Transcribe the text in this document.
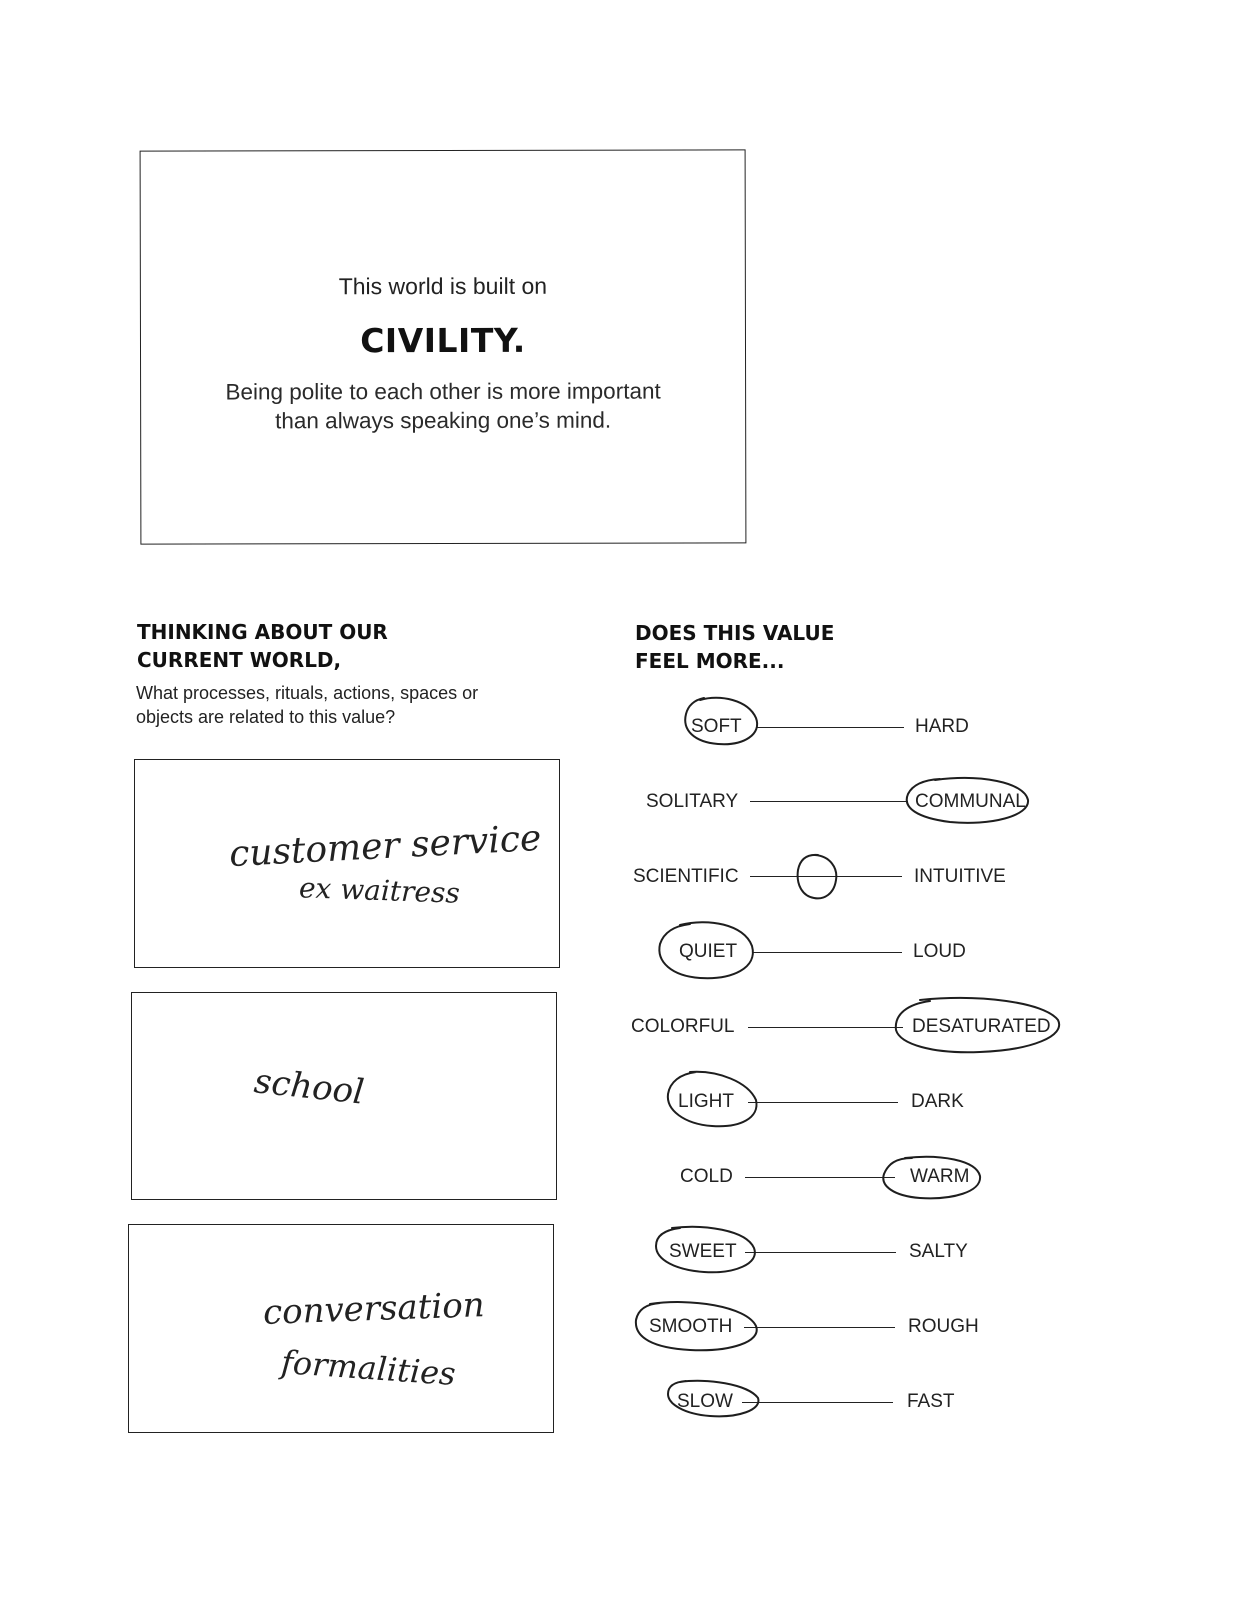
This world is built on
CIVILITY.
Being polite to each other is more important
than always speaking one’s mind.
THINKING ABOUT OUR
CURRENT WORLD,
What processes, rituals, actions, spaces or
objects are related to this value?
customer service
ex waitress
school
conversation
formalities
DOES THIS VALUE
FEEL MORE...
SOFT	HARD
SOLITARY	COMMUNAL
SCIENTIFIC	INTUITIVE
QUIET	LOUD
COLORFUL	DESATURATED
LIGHT	DARK
COLD	WARM
SWEET	SALTY
SMOOTH	ROUGH
SLOW	FAST
